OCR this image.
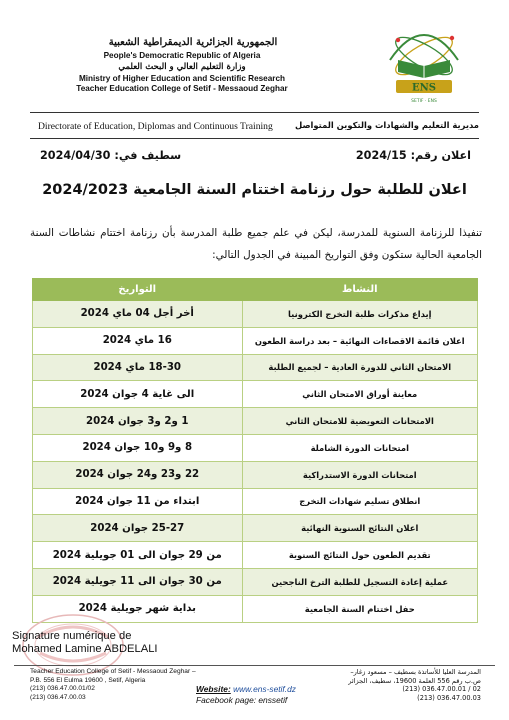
الجمهورية الجزائرية الديمقراطية الشعبية
People's Democratic Republic of Algeria
وزارة التعليم العالي و البحث العلمي
Ministry of Higher Education and Scientific Research
Teacher Education College of Setif - Messaoud Zeghar	ENS
SETIF · ENS
Directorate of Education, Diplomas and Continuous Training	مديرية التعليم والشهادات والتكوين المتواصل
اعلان رقم: 2024/15
سطيف في: 2024/04/30
اعلان للطلبة حول رزنامة اختتام السنة الجامعية 2024/2023
تنفيذا للرزنامة السنوية للمدرسة، ليكن في علم جميع طلبة المدرسة بأن رزنامة اختتام نشاطات السنة الجامعية الحالية ستكون وفق التواريخ المبينة في الجدول التالي:
النشاط	التواريخ
إيداع مذكرات طلبة التخرج الكترونيا	أخر أجل 04 ماي 2024
اعلان قائمة الاقصاءات النهائية – بعد دراسة الطعون	16 ماي 2024
الامتحان الثاني للدورة العادية – لجميع الطلبة	18-30 ماي 2024
معاينة أوراق الامتحان الثاني	الى غاية 4 جوان 2024
الامتحانات التعويضية للامتحان الثاني	1 و2 و3 جوان 2024
امتحانات الدورة الشاملة	8 و9 و10 جوان 2024
امتحانات الدورة الاستدراكية	22 و23 و24 جوان 2024
انطلاق تسليم شهادات التخرج	ابتداء من 11 جوان 2024
اعلان النتائج السنوية النهائية	25-27 جوان 2024
تقديم الطعون حول النتائج السنوية	من 29 جوان الى 01 جويلية 2024
عملية إعادة التسجيل للطلبة الترخ الناجحين	من 30 جوان الى 11 جويلية 2024
حفل اختتام السنة الجامعية	بداية شهر جويلية 2024
Signature numérique de
Mohamed Lamine ABDELALI
Teacher Education College of Setif - Messaoud Zeghar –
P.B. 556 El Eulma 19600 , Setif, Algeria
(213) 036.47.00.01/02
(213) 036.47.00.03
Website: www.ens-setif.dz
Facebook page: enssetif
المدرسة العليا للأساتذة بسطيف – مسعود زغار–
ص.ب رقم 556 العلمة 19600، سطيف، الجزائر
(213) 036.47.00.01 / 02
(213) 036.47.00.03
